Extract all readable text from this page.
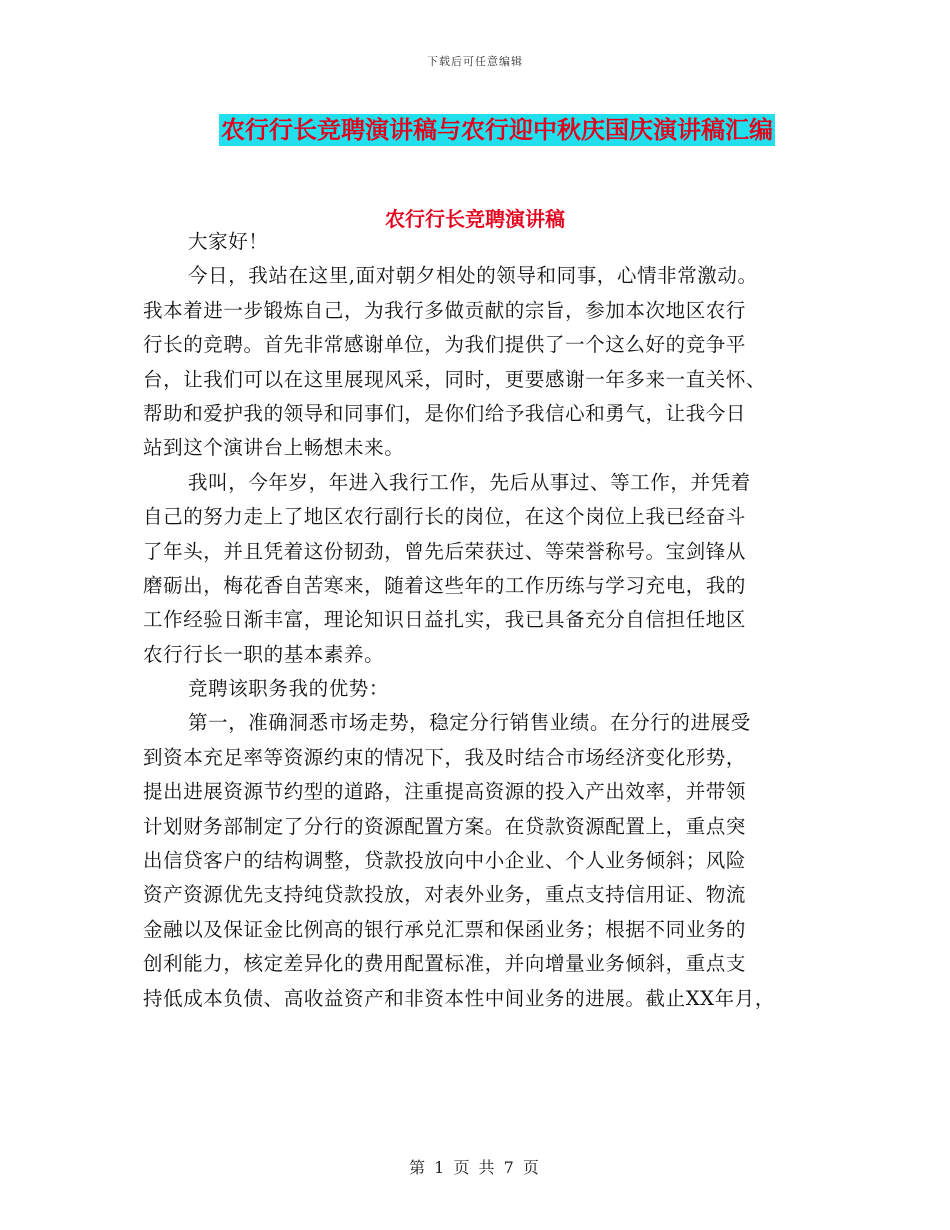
下载后可任意编辑
农行行长竞聘演讲稿与农行迎中秋庆国庆演讲稿汇编
农行行长竞聘演讲稿
大家好！
今日，我站在这里,面对朝夕相处的领导和同事，心情非常激动。
我本着进一步锻炼自己，为我行多做贡献的宗旨，参加本次地区农行
行长的竞聘。首先非常感谢单位，为我们提供了一个这么好的竞争平
台，让我们可以在这里展现风采，同时，更要感谢一年多来一直关怀、
帮助和爱护我的领导和同事们，是你们给予我信心和勇气，让我今日
站到这个演讲台上畅想未来。
我叫，今年岁，年进入我行工作，先后从事过、等工作，并凭着
自己的努力走上了地区农行副行长的岗位，在这个岗位上我已经奋斗
了年头，并且凭着这份韧劲，曾先后荣获过、等荣誉称号。宝剑锋从
磨砺出，梅花香自苦寒来，随着这些年的工作历练与学习充电，我的
工作经验日渐丰富，理论知识日益扎实，我已具备充分自信担任地区
农行行长一职的基本素养。
竞聘该职务我的优势：
第一，准确洞悉市场走势，稳定分行销售业绩。在分行的进展受
到资本充足率等资源约束的情况下，我及时结合市场经济变化形势，
提出进展资源节约型的道路，注重提高资源的投入产出效率，并带领
计划财务部制定了分行的资源配置方案。在贷款资源配置上，重点突
出信贷客户的结构调整，贷款投放向中小企业、个人业务倾斜；风险
资产资源优先支持纯贷款投放，对表外业务，重点支持信用证、物流
金融以及保证金比例高的银行承兑汇票和保函业务；根据不同业务的
创利能力，核定差异化的费用配置标准，并向增量业务倾斜，重点支
持低成本负债、高收益资产和非资本性中间业务的进展。截止XX年月，
第 1 页 共 7 页
